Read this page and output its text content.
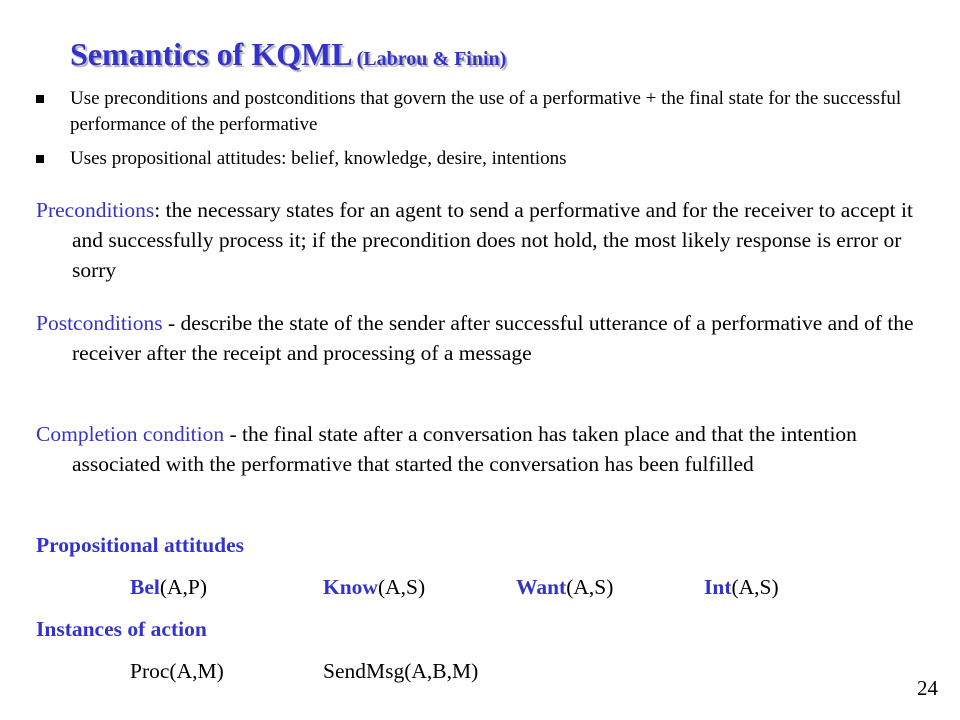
Semantics of KQML (Labrou & Finin)
Use preconditions and postconditions that govern the use of a performative + the final state for the successful performance of the performative
Uses propositional attitudes: belief, knowledge, desire, intentions
Preconditions: the necessary states for an agent to send a performative and for the receiver to accept it and successfully process it; if the precondition does not hold, the most likely response is error or sorry
Postconditions - describe the state of the sender after successful utterance of a performative and of the receiver after the receipt and processing of a message
Completion condition - the final state after a conversation has taken place and that the intention associated with the performative that started the conversation has been fulfilled
Propositional attitudes
Bel(A,P)	Know(A,S)	Want(A,S)	Int(A,S)
Instances of action
Proc(A,M)	SendMsg(A,B,M)
24
